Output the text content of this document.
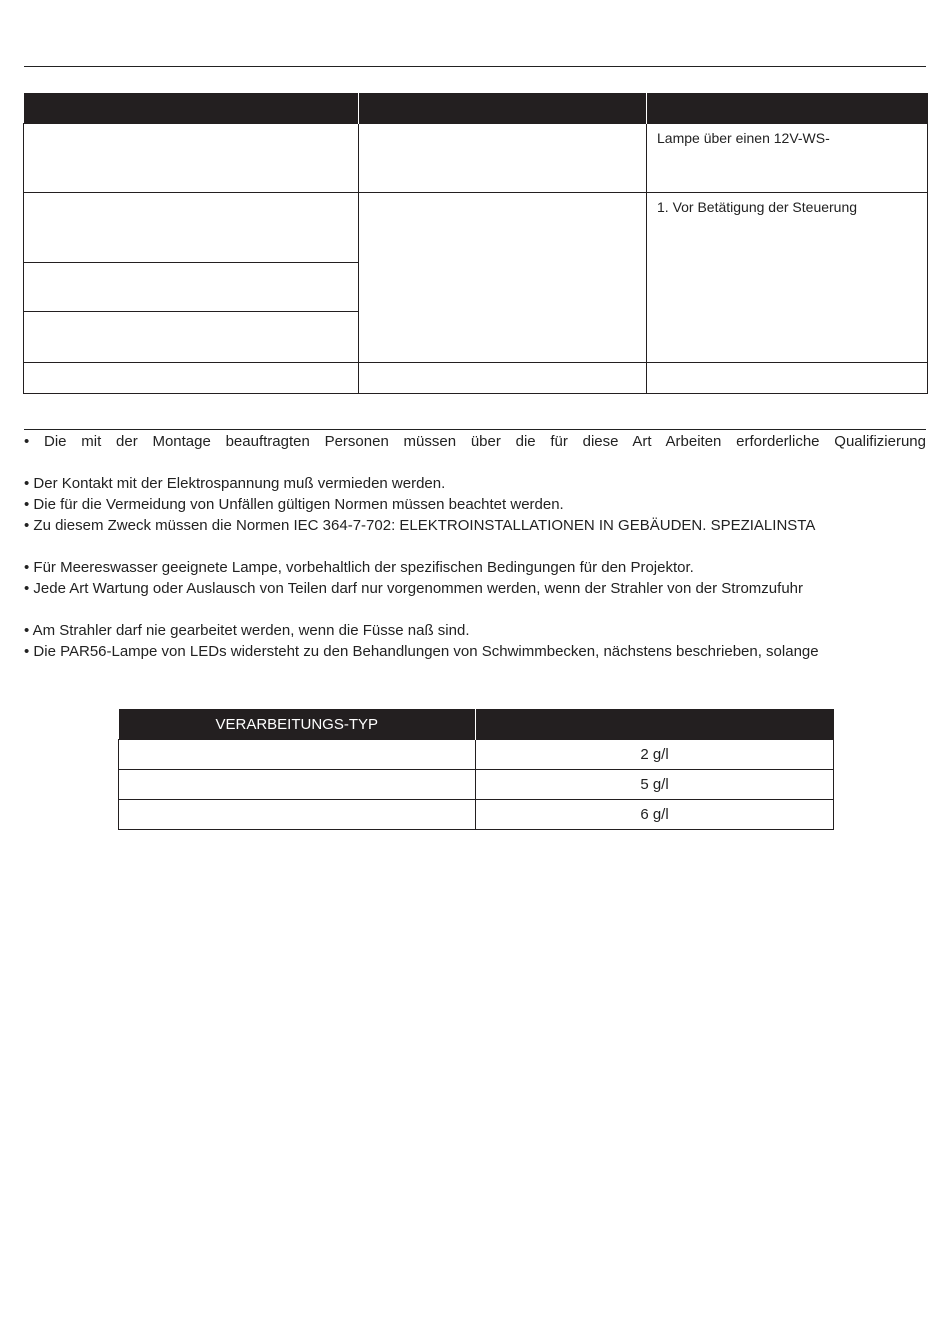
		Lampe über einen 12V-WS-

		1. Vor Betätigung der Steuerung

• Die mit der Montage beauftragten Personen müssen über die für diese Art Arbeiten erforderliche Qualifizierung
• Der Kontakt mit der Elektrospannung muß vermieden werden.
• Die für die Vermeidung von Unfällen gültigen Normen müssen beachtet werden.
• Zu diesem Zweck müssen die Normen IEC 364-7-702: ELEKTROINSTALLATIONEN IN GEBÄUDEN. SPEZIALINSTA
• Für Meereswasser geeignete Lampe, vorbehaltlich der spezifischen Bedingungen für den Projektor.
• Jede Art Wartung oder Auslausch von Teilen darf nur vorgenommen werden, wenn der Strahler von der Stromzufuhr
• Am Strahler darf nie gearbeitet werden, wenn die Füsse naß sind.
• Die PAR56-Lampe von LEDs widersteht zu den Behandlungen von Schwimmbecken, nächstens beschrieben, solange
VERARBEITUNGS-TYP	
	2 g/l
	5 g/l
	6 g/l
